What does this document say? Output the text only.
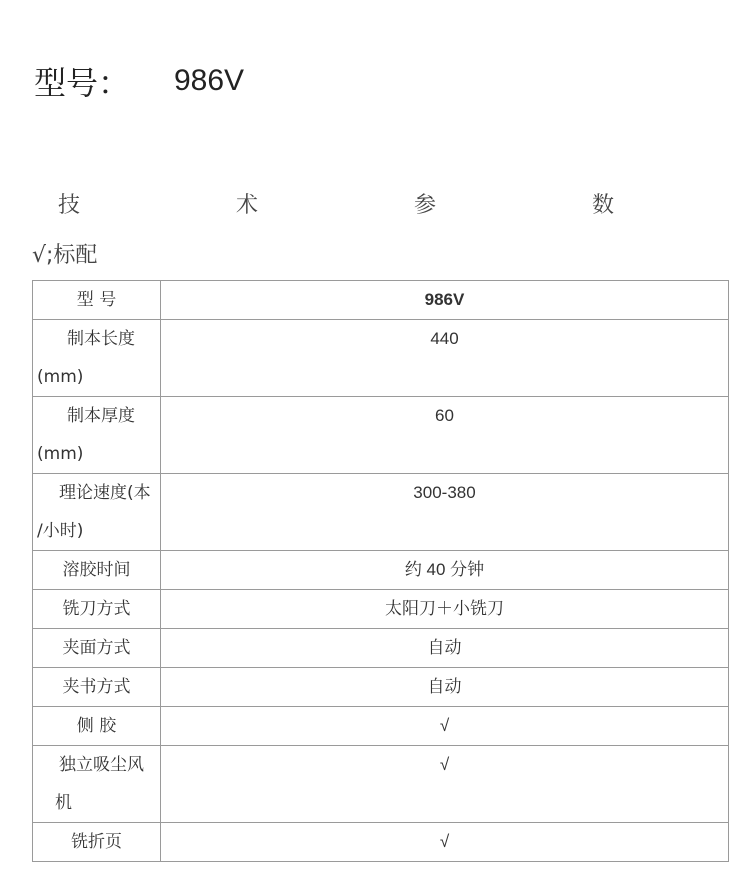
型号：	986V
技	术	参	数
√;标配
型 号	986V
制本长度
(mm)	440
制本厚度
(mm)	60
理论速度(本
/小时)	300-380
溶胶时间	约 40 分钟
铣刀方式	太阳刀＋小铣刀
夹面方式	自动
夹书方式	自动
侧 胶	√
独立吸尘风
机	√
铣折页	√
